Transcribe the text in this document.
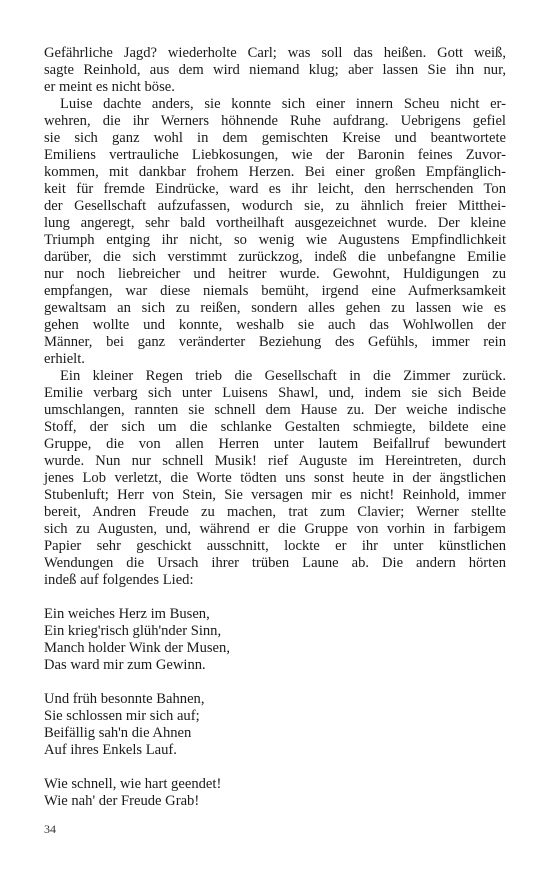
Gefährliche Jagd? wiederholte Carl; was soll das heißen. Gott weiß,
sagte Reinhold, aus dem wird niemand klug; aber lassen Sie ihn nur,
er meint es nicht böse.
Luise dachte anders, sie konnte sich einer innern Scheu nicht er-
wehren, die ihr Werners höhnende Ruhe aufdrang. Uebrigens gefiel
sie sich ganz wohl in dem gemischten Kreise und beantwortete
Emiliens vertrauliche Liebkosungen, wie der Baronin feines Zuvor-
kommen, mit dankbar frohem Herzen. Bei einer großen Empfänglich-
keit für fremde Eindrücke, ward es ihr leicht, den herrschenden Ton
der Gesellschaft aufzufassen, wodurch sie, zu ähnlich freier Mitthei-
lung angeregt, sehr bald vortheilhaft ausgezeichnet wurde. Der kleine
Triumph entging ihr nicht, so wenig wie Augustens Empfindlichkeit
darüber, die sich verstimmt zurückzog, indeß die unbefangne Emilie
nur noch liebreicher und heitrer wurde. Gewohnt, Huldigungen zu
empfangen, war diese niemals bemüht, irgend eine Aufmerksamkeit
gewaltsam an sich zu reißen, sondern alles gehen zu lassen wie es
gehen wollte und konnte, weshalb sie auch das Wohlwollen der
Männer, bei ganz veränderter Beziehung des Gefühls, immer rein
erhielt.
Ein kleiner Regen trieb die Gesellschaft in die Zimmer zurück.
Emilie verbarg sich unter Luisens Shawl, und, indem sie sich Beide
umschlangen, rannten sie schnell dem Hause zu. Der weiche indische
Stoff, der sich um die schlanke Gestalten schmiegte, bildete eine
Gruppe, die von allen Herren unter lautem Beifallruf bewundert
wurde. Nun nur schnell Musik! rief Auguste im Hereintreten, durch
jenes Lob verletzt, die Worte tödten uns sonst heute in der ängstlichen
Stubenluft; Herr von Stein, Sie versagen mir es nicht! Reinhold, immer
bereit, Andren Freude zu machen, trat zum Clavier; Werner stellte
sich zu Augusten, und, während er die Gruppe von vorhin in farbigem
Papier sehr geschickt ausschnitt, lockte er ihr unter künstlichen
Wendungen die Ursach ihrer trüben Laune ab. Die andern hörten
indeß auf folgendes Lied:
Ein weiches Herz im Busen,
Ein krieg'risch glüh'nder Sinn,
Manch holder Wink der Musen,
Das ward mir zum Gewinn.
Und früh besonnte Bahnen,
Sie schlossen mir sich auf;
Beifällig sah'n die Ahnen
Auf ihres Enkels Lauf.
Wie schnell, wie hart geendet!
Wie nah' der Freude Grab!
34
